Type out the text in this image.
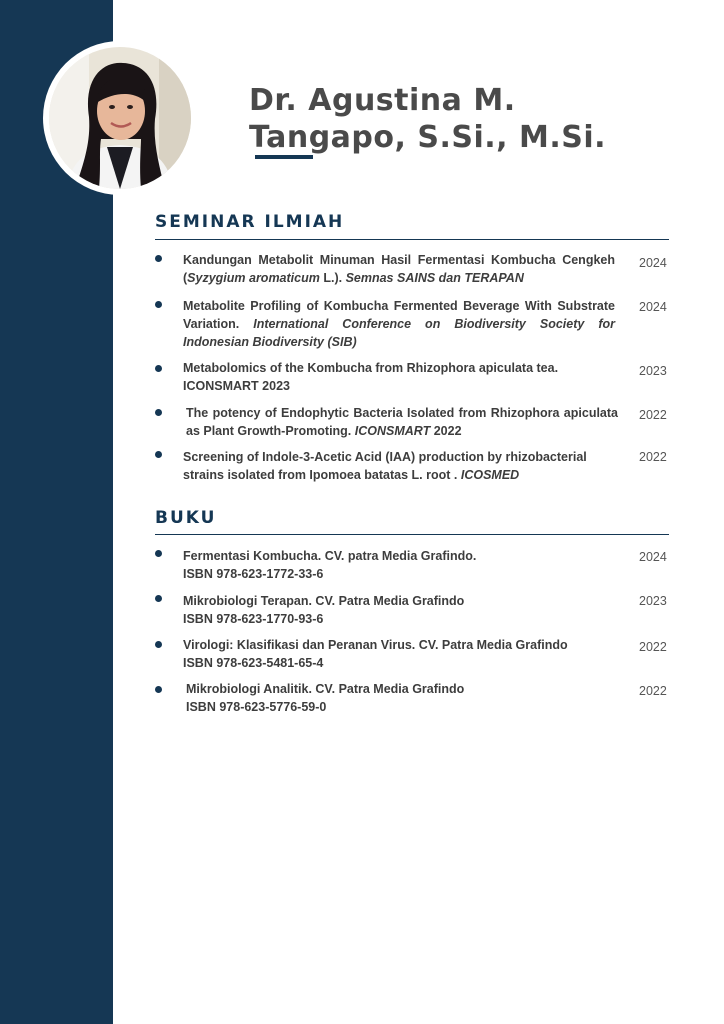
Dr. Agustina M.
Tangapo, S.Si., M.Si.
SEMINAR ILMIAH
Kandungan Metabolit Minuman Hasil Fermentasi Kombucha Cengkeh (Syzygium aromaticum L.). Semnas SAINS dan TERAPAN
2024
Metabolite Profiling of Kombucha Fermented Beverage With Substrate Variation. International Conference on Biodiversity Society for Indonesian Biodiversity (SIB)
2024
Metabolomics of the Kombucha from Rhizophora apiculata tea. ICONSMART 2023
2023
The potency of Endophytic Bacteria Isolated from Rhizophora apiculata as Plant Growth-Promoting. ICONSMART 2022
2022
Screening of Indole-3-Acetic Acid (IAA) production by rhizobacterial strains isolated from Ipomoea batatas L. root . ICOSMED
2022
BUKU
Fermentasi Kombucha. CV. patra Media Grafindo.
ISBN 978-623-1772-33-6
2024
Mikrobiologi Terapan. CV. Patra Media Grafindo
ISBN 978-623-1770-93-6
2023
Virologi: Klasifikasi dan Peranan Virus. CV. Patra Media Grafindo
ISBN 978-623-5481-65-4
2022
Mikrobiologi Analitik. CV. Patra Media Grafindo
ISBN 978-623-5776-59-0
2022
